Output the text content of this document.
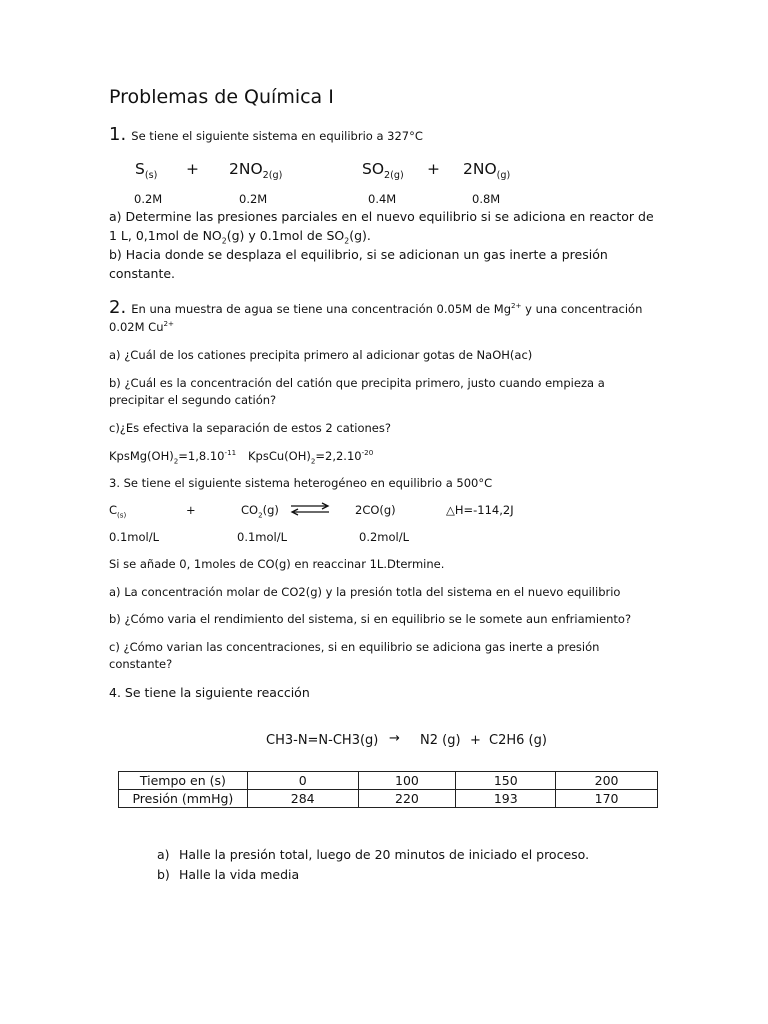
Problemas de Química I
1. Se tiene el siguiente sistema en equilibrio a 327°C
$S_{(s)} + 2NO_{2(g)}$	$SO_{2(g)} + 2NO_{(g)}$
0.2M	0.2M	0.4M	0.8M
a) Determine las presiones parciales en el nuevo equilibrio si se adiciona en reactor de
1 L, 0,1mol de $NO_2(g)$ y 0.1mol de $SO_2(g)$.
b) Hacia donde se desplaza el equilibrio, si se adicionan un gas inerte a presión
constante.
2. En una muestra de agua se tiene una concentración 0.05M de $Mg^{2+}$ y una concentración
0.02M $Cu^{2+}$
a) ¿Cuál de los cationes precipita primero al adicionar gotas de NaOH(ac)
b) ¿Cuál es la concentración del catión que precipita primero, justo cuando empieza a
precipitar el segundo catión?
c)¿Es efectiva la separación de estos 2 cationes?
$KpsMg(OH)_2=1,8.10^{-11}$ $KpsCu(OH)_2=2,2.10^{-20}$
3. Se tiene el siguiente sistema heterogéneo en equilibrio a 500°C
$C_{(s)}$	+	$CO_2(g)$ ⇌ 2CO(g)	△H=-114,2J
0.1mol/L	0.1mol/L	0.2mol/L
Si se añade 0, 1moles de CO(g) en reaccinar 1L.Dtermine.
a) La concentración molar de CO2(g) y la presión totla del sistema en el nuevo equilibrio
b) ¿Cómo varia el rendimiento del sistema, si en equilibrio se le somete aun enfriamiento?
c) ¿Cómo varian las concentraciones, si en equilibrio se adiciona gas inerte a presión
constante?
4. Se tiene la siguiente reacción
CH3-N=N-CH3(g) → N2 (g) + C2H6 (g)
Tiempo en (s)	0	100	150	200
Presión (mmHg)	284	220	193	170
a) Halle la presión total, luego de 20 minutos de iniciado el proceso.
b) Halle la vida media
